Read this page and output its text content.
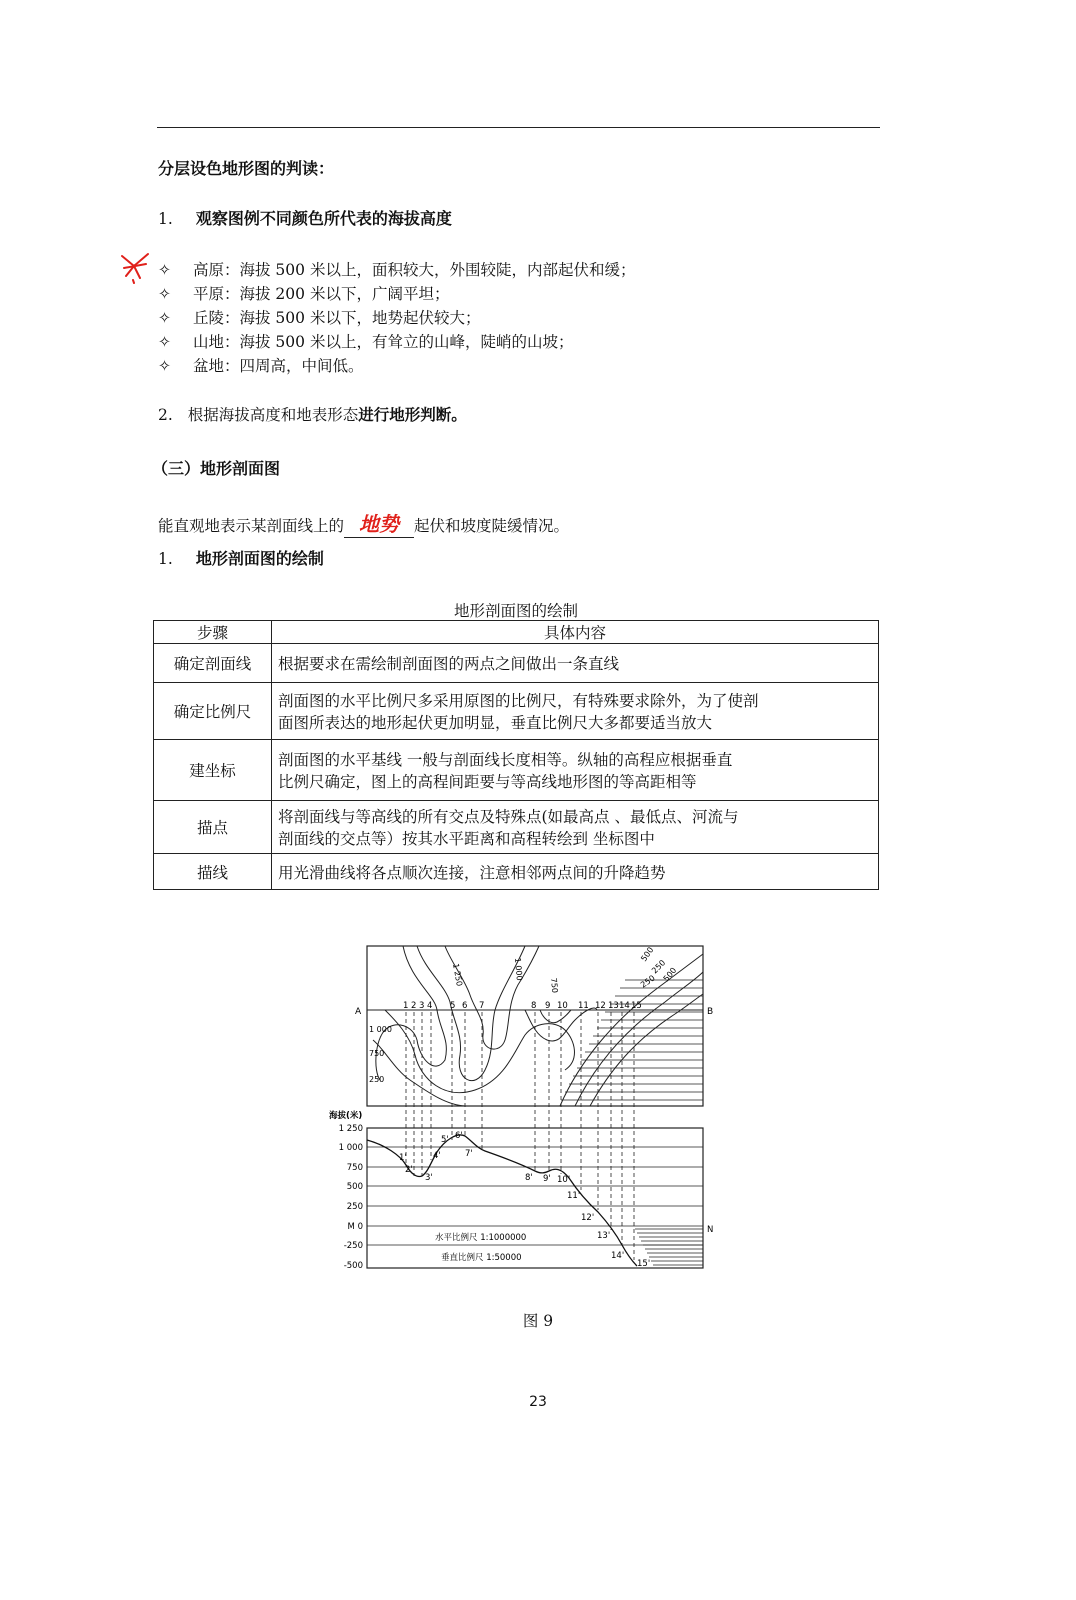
分层设色地形图的判读：
1. 观察图例不同颜色所代表的海拔高度
✧ 高原：海拔 500 米以上，面积较大，外围较陡，内部起伏和缓；
✧ 平原：海拔 200 米以下，广阔平坦；
✧ 丘陵：海拔 500 米以下，地势起伏较大；
✧ 山地：海拔 500 米以上，有耸立的山峰，陡峭的山坡；
✧ 盆地：四周高，中间低。
2. 根据海拔高度和地表形态进行地形判断。
（三）地形剖面图
能直观地表示某剖面线上的 地势 起伏和坡度陡缓情况。
1. 地形剖面图的绘制
地形剖面图的绘制
步骤	具体内容
确定剖面线	根据要求在需绘制剖面图的两点之间做出一条直线

确定比例尺	剖面图的水平比例尺多采用原图的比例尺，有特殊要求除外，为了使剖
面图所表达的地形起伏更加明显，垂直比例尺大多都要适当放大

建坐标	剖面图的水平基线 一般与剖面线长度相等。纵轴的高程应根据垂直
比例尺确定，图上的高程间距要与等高线地形图的等高距相等

描点	将剖面线与等高线的所有交点及特殊点(如最高点 、最低点、河流与
剖面线的交点等）按其水平距离和高程转绘到 坐标图中

描线	用光滑曲线将各点顺次连接，注意相邻两点间的升降趋势
A	B
1 250	1 000
750
500
250
1 000
750
250
250 500
1 2 3 4 5 6 7	8 9 10 11 12 13 14 15
1'
2'
3'
4'
5' 6'
7'
8' 9' 10'
11'
12'
13'
14'
15'
海拔(米)
1 250
1 000
750
500
250
M 0
-250
-500
N
水平比例尺 1:1000000
垂直比例尺 1:50000
图 9
23
